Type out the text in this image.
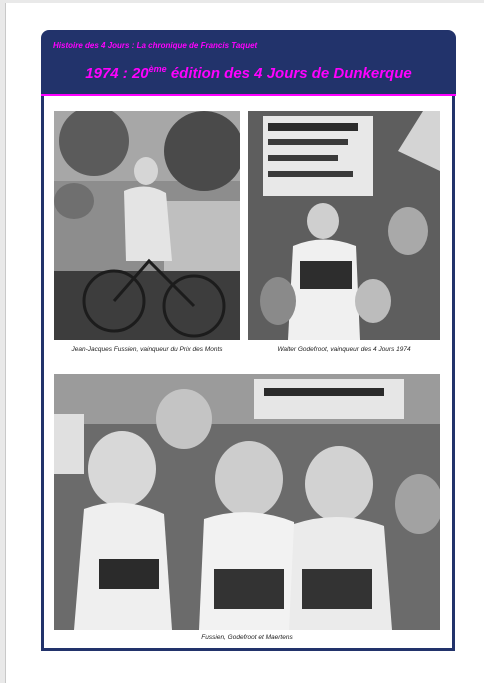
Histoire des 4 Jours : La chronique de Francis Taquet
1974 : 20ème édition des 4 Jours de Dunkerque
Jean-Jacques Fussien, vainqueur du Prix des Monts	Walter Godefroot, vainqueur des 4 Jours 1974
Fussien, Godefroot et Maertens
